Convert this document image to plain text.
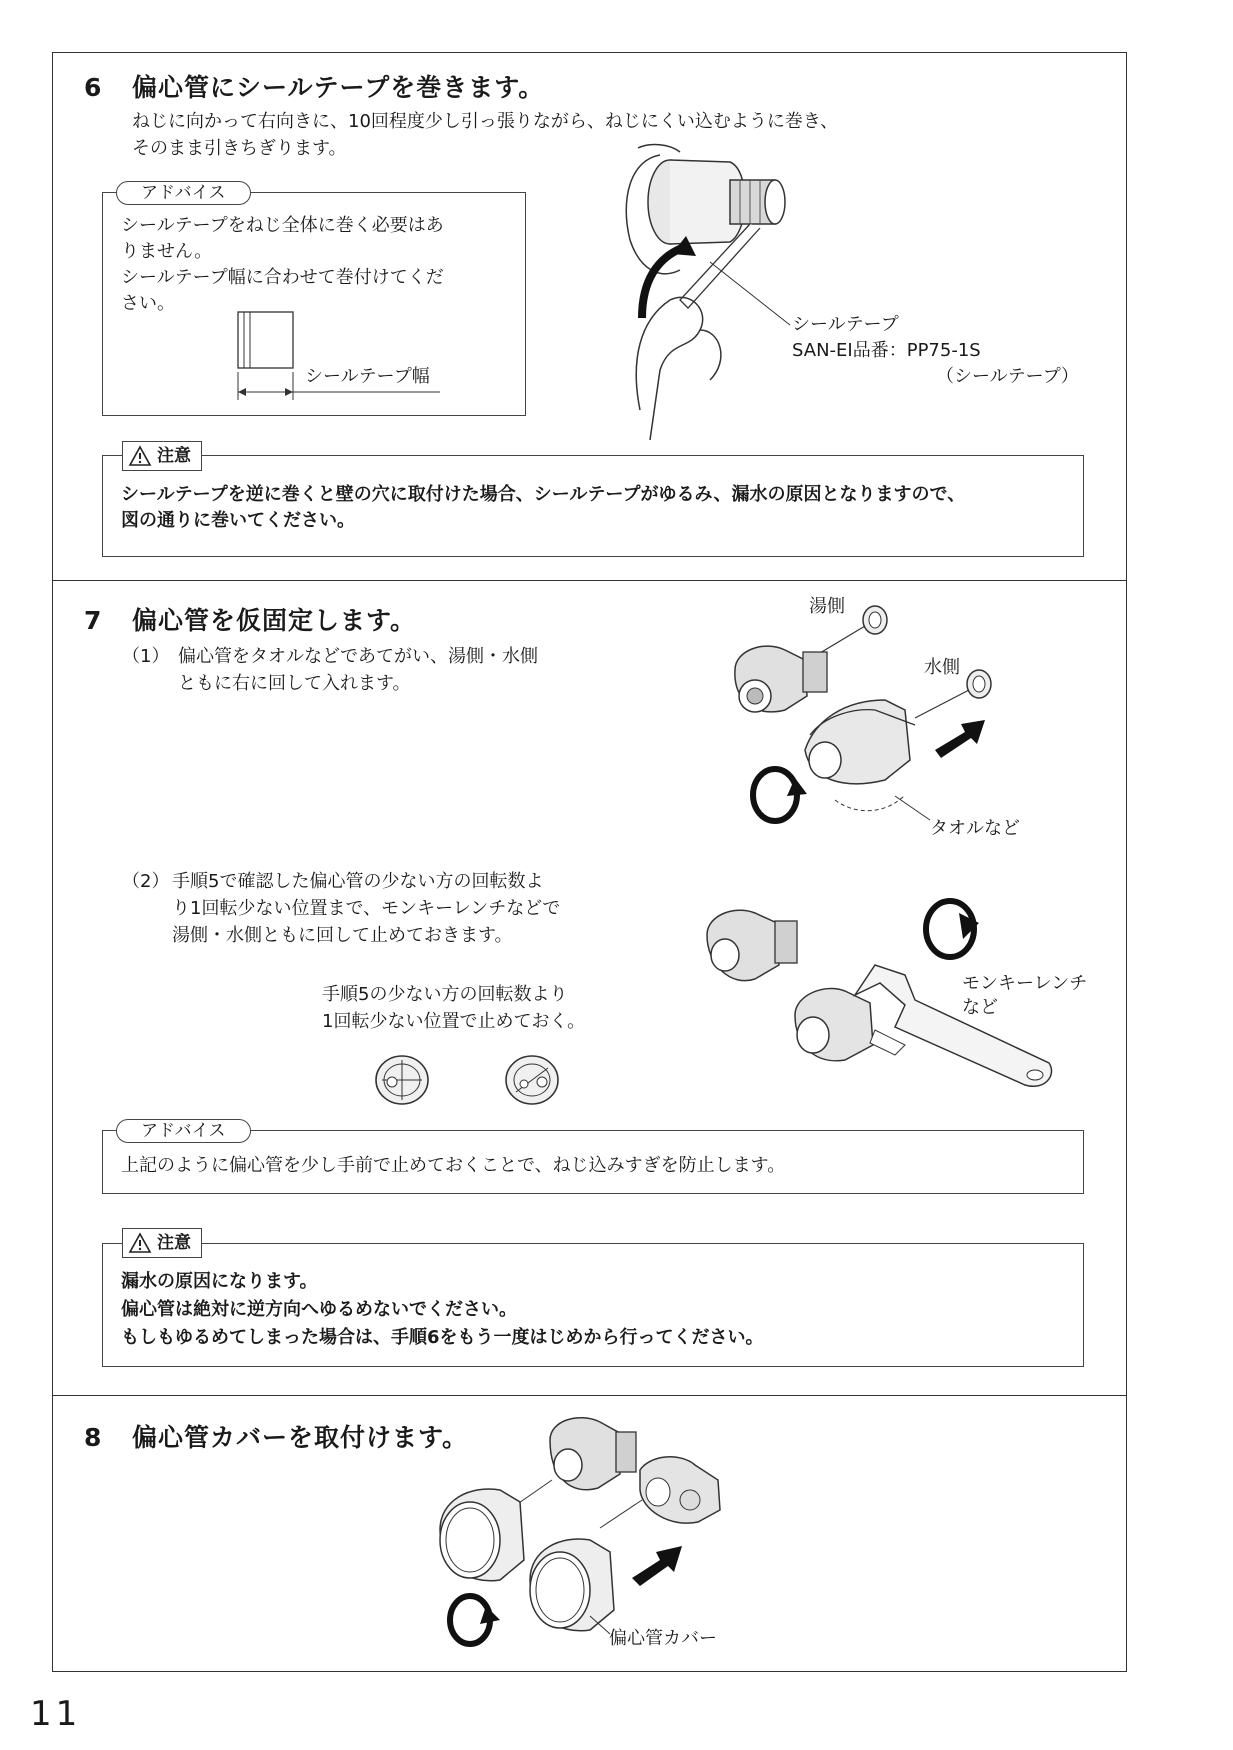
6 偏心管にシールテープを巻きます。
ねじに向かって右向きに、10回程度少し引っ張りながら、ねじにくい込むように巻き、
そのまま引きちぎります。
シールテープをねじ全体に巻く必要はあ
りません。
シールテープ幅に合わせて巻付けてくだ
さい。
アドバイス
シールテープ幅
シールテープ
SAN-EI品番：PP75-1S
（シールテープ）
シールテープを逆に巻くと壁の穴に取付けた場合、シールテープがゆるみ、漏水の原因となりますので、
図の通りに巻いてください。
注意
7 偏心管を仮固定します。
（1） 偏心管をタオルなどであてがい、湯側・水側
ともに右に回して入れます。
湯側
水側
タオルなど
（2） 手順5で確認した偏心管の少ない方の回転数よ
り1回転少ない位置まで、モンキーレンチなどで
湯側・水側ともに回して止めておきます。
手順5の少ない方の回転数より
1回転少ない位置で止めておく。
モンキーレンチ
など
上記のように偏心管を少し手前で止めておくことで、ねじ込みすぎを防止します。
アドバイス
漏水の原因になります。
偏心管は絶対に逆方向へゆるめないでください。
もしもゆるめてしまった場合は、手順6をもう一度はじめから行ってください。
注意
8 偏心管カバーを取付けます。
偏心管カバー
11
